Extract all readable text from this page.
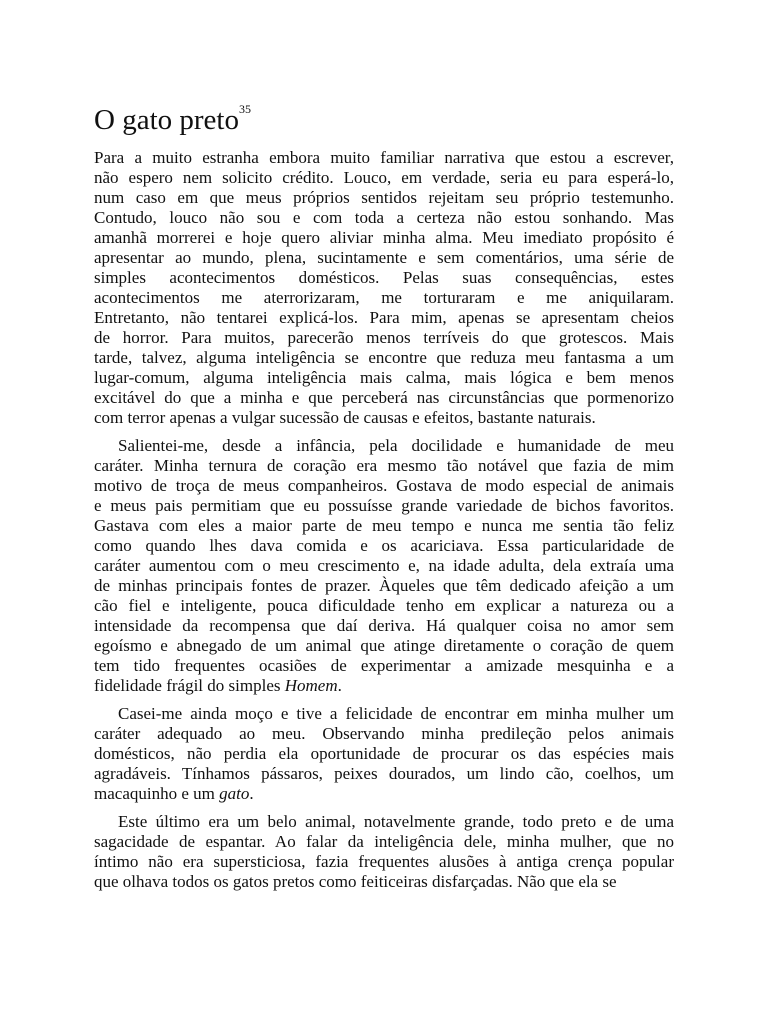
O gato preto$^{35}$
Para a muito estranha embora muito familiar narrativa que estou a escrever,
não espero nem solicito crédito. Louco, em verdade, seria eu para esperá-lo,
num caso em que meus próprios sentidos rejeitam seu próprio testemunho.
Contudo, louco não sou e com toda a certeza não estou sonhando. Mas
amanhã morrerei e hoje quero aliviar minha alma. Meu imediato propósito é
apresentar ao mundo, plena, sucintamente e sem comentários, uma série de
simples acontecimentos domésticos. Pelas suas consequências, estes
acontecimentos me aterrorizaram, me torturaram e me aniquilaram.
Entretanto, não tentarei explicá-los. Para mim, apenas se apresentam cheios
de horror. Para muitos, parecerão menos terríveis do que grotescos. Mais
tarde, talvez, alguma inteligência se encontre que reduza meu fantasma a um
lugar-comum, alguma inteligência mais calma, mais lógica e bem menos
excitável do que a minha e que perceberá nas circunstâncias que pormenorizo
com terror apenas a vulgar sucessão de causas e efeitos, bastante naturais.
Salientei-me, desde a infância, pela docilidade e humanidade de meu
caráter. Minha ternura de coração era mesmo tão notável que fazia de mim
motivo de troça de meus companheiros. Gostava de modo especial de animais
e meus pais permitiam que eu possuísse grande variedade de bichos favoritos.
Gastava com eles a maior parte de meu tempo e nunca me sentia tão feliz
como quando lhes dava comida e os acariciava. Essa particularidade de
caráter aumentou com o meu crescimento e, na idade adulta, dela extraía uma
de minhas principais fontes de prazer. Àqueles que têm dedicado afeição a um
cão fiel e inteligente, pouca dificuldade tenho em explicar a natureza ou a
intensidade da recompensa que daí deriva. Há qualquer coisa no amor sem
egoísmo e abnegado de um animal que atinge diretamente o coração de quem
tem tido frequentes ocasiões de experimentar a amizade mesquinha e a
fidelidade frágil do simples Homem.
Casei-me ainda moço e tive a felicidade de encontrar em minha mulher um
caráter adequado ao meu. Observando minha predileção pelos animais
domésticos, não perdia ela oportunidade de procurar os das espécies mais
agradáveis. Tínhamos pássaros, peixes dourados, um lindo cão, coelhos, um
macaquinho e um gato.
Este último era um belo animal, notavelmente grande, todo preto e de uma
sagacidade de espantar. Ao falar da inteligência dele, minha mulher, que no
íntimo não era supersticiosa, fazia frequentes alusões à antiga crença popular
que olhava todos os gatos pretos como feiticeiras disfarçadas. Não que ela se
